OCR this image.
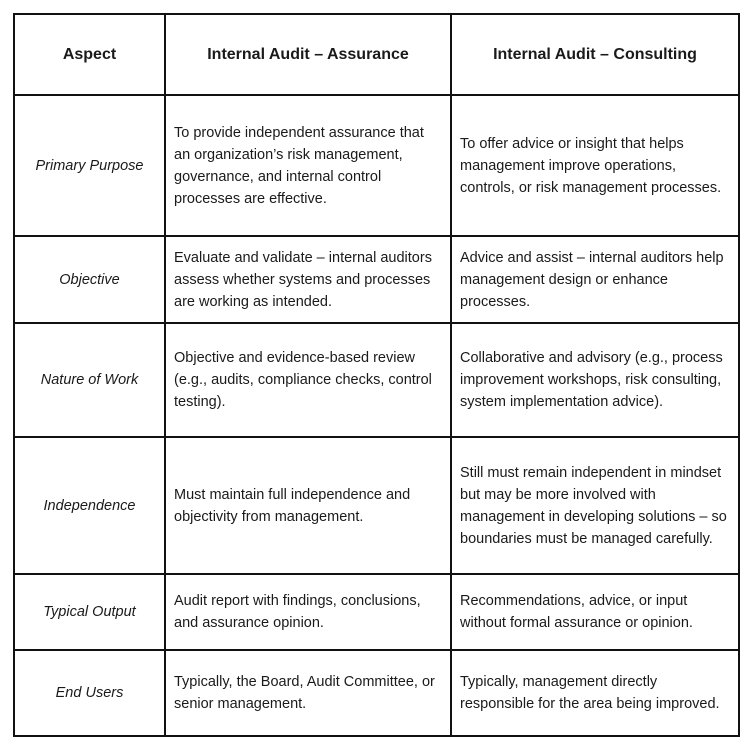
Aspect	Internal Audit – Assurance	Internal Audit – Consulting
Primary Purpose	To provide independent assurance that an organization’s risk management, governance, and internal control processes are effective.	To offer advice or insight that helps management improve operations, controls, or risk management processes.
Objective	Evaluate and validate – internal auditors assess whether systems and processes are working as intended.	Advice and assist – internal auditors help management design or enhance processes.
Nature of Work	Objective and evidence-based review (e.g., audits, compliance checks, control testing).	Collaborative and advisory (e.g., process improvement workshops, risk consulting, system implementation advice).
Independence	Must maintain full independence and objectivity from management.	Still must remain independent in mindset but may be more involved with management in developing solutions – so boundaries must be managed carefully.
Typical Output	Audit report with findings, conclusions, and assurance opinion.	Recommendations, advice, or input without formal assurance or opinion.
End Users	Typically, the Board, Audit Committee, or senior management.	Typically, management directly responsible for the area being improved.
